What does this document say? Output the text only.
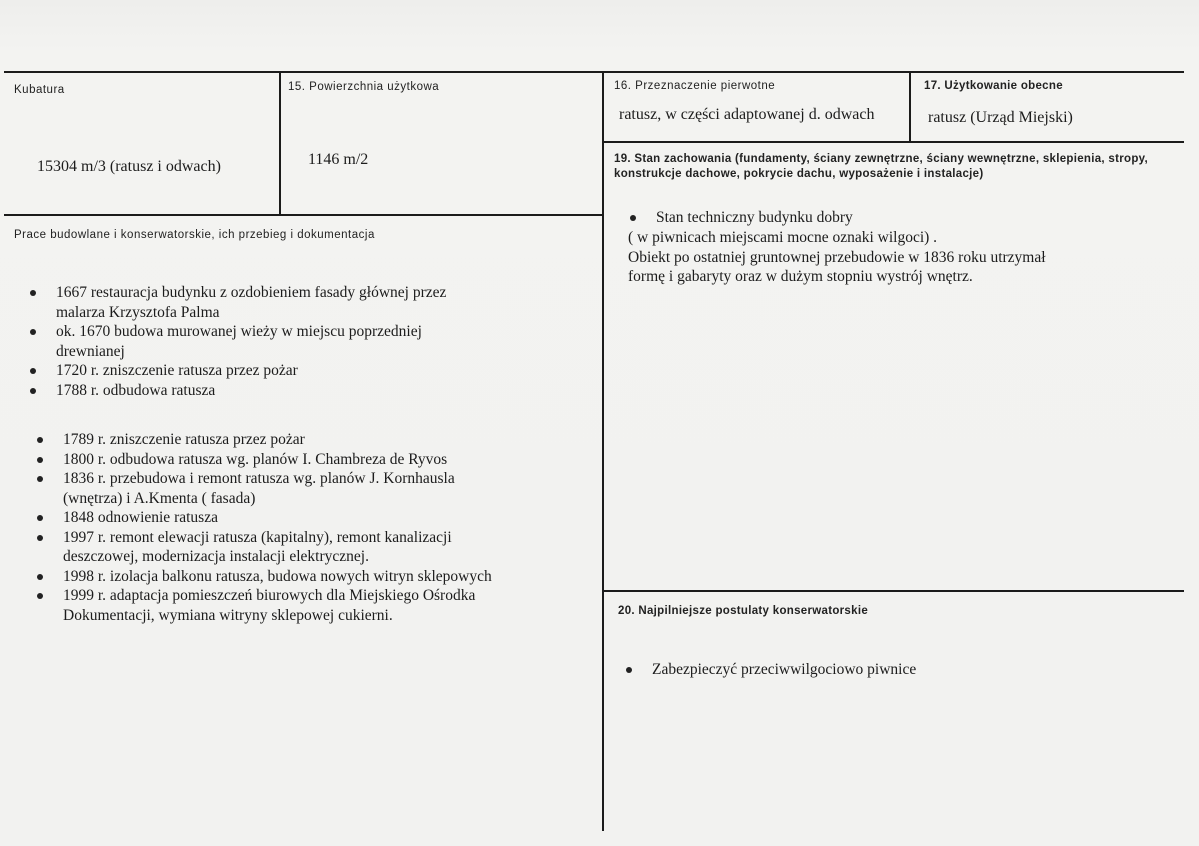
Kubatura
15304 m/3 (ratusz i odwach)
15. Powierzchnia użytkowa
1146 m/2
16. Przeznaczenie pierwotne
ratusz, w części adaptowanej d. odwach
17. Użytkowanie obecne
ratusz (Urząd Miejski)
19. Stan zachowania (fundamenty, ściany zewnętrzne, ściany wewnętrzne, sklepienia, stropy, konstrukcje dachowe, pokrycie dachu, wyposażenie i instalacje)
Stan techniczny budynku dobry
( w piwnicach miejscami mocne oznaki wilgoci) .
Obiekt po ostatniej gruntownej przebudowie w 1836 roku utrzymał
formę i gabaryty oraz w dużym stopniu wystrój wnętrz.
Prace budowlane i konserwatorskie, ich przebieg i dokumentacja
1667 restauracja budynku z ozdobieniem fasady głównej przez malarza Krzysztofa Palma
ok. 1670 budowa murowanej wieży w miejscu poprzedniej drewnianej
1720 r. zniszczenie ratusza przez pożar
1788 r. odbudowa ratusza
1789 r. zniszczenie ratusza przez pożar
1800 r. odbudowa ratusza wg. planów I. Chambreza de Ryvos
1836 r. przebudowa i remont ratusza wg. planów J. Kornhausla (wnętrza) i A.Kmenta ( fasada)
1848 odnowienie ratusza
1997 r. remont elewacji ratusza (kapitalny), remont kanalizacji deszczowej, modernizacja instalacji elektrycznej.
1998 r. izolacja balkonu ratusza, budowa nowych witryn sklepowych
1999 r. adaptacja pomieszczeń biurowych dla Miejskiego Ośrodka Dokumentacji, wymiana witryny sklepowej cukierni.	20. Najpilniejsze postulaty konserwatorskie
Zabezpieczyć przeciwwilgociowo piwnice
